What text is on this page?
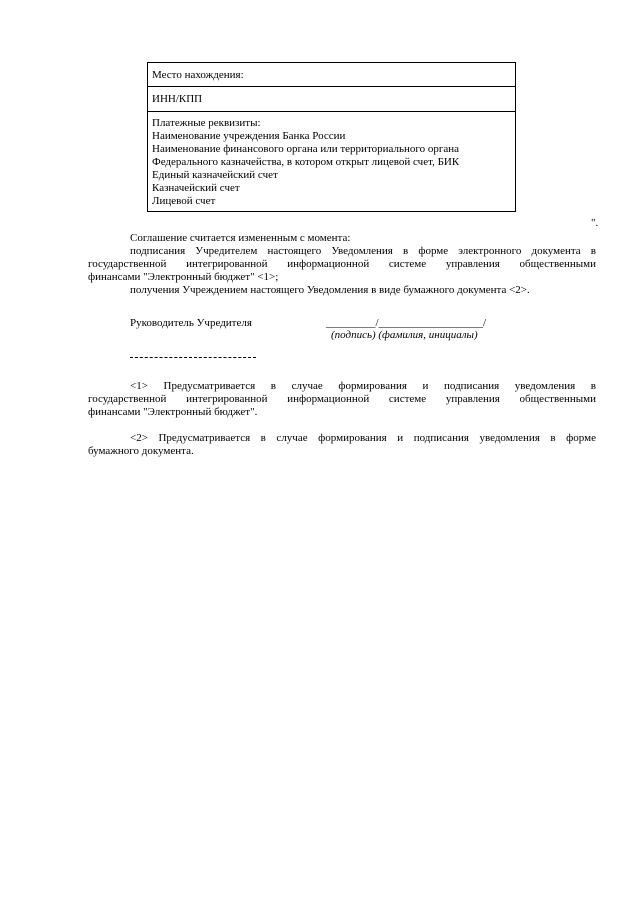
Место нахождения:
ИНН/КПП
Платежные реквизиты:
Наименование учреждения Банка России
Наименование финансового органа или территориального органа
Федерального казначейства, в котором открыт лицевой счет, БИК
Единый казначейский счет
Казначейский счет
Лицевой счет
".
Соглашение считается измененным с момента:
подписания Учредителем настоящего Уведомления в форме электронного документа в
государственной интегрированной информационной системе управления общественными
финансами "Электронный бюджет" <1>;
получения Учреждением настоящего Уведомления в виде бумажного документа <2>.
Руководитель Учредителя	_________/___________________/
(подпись) (фамилия, инициалы)
<1> Предусматривается в случае формирования и подписания уведомления в
государственной интегрированной информационной системе управления общественными
финансами "Электронный бюджет".
<2> Предусматривается в случае формирования и подписания уведомления в форме
бумажного документа.
